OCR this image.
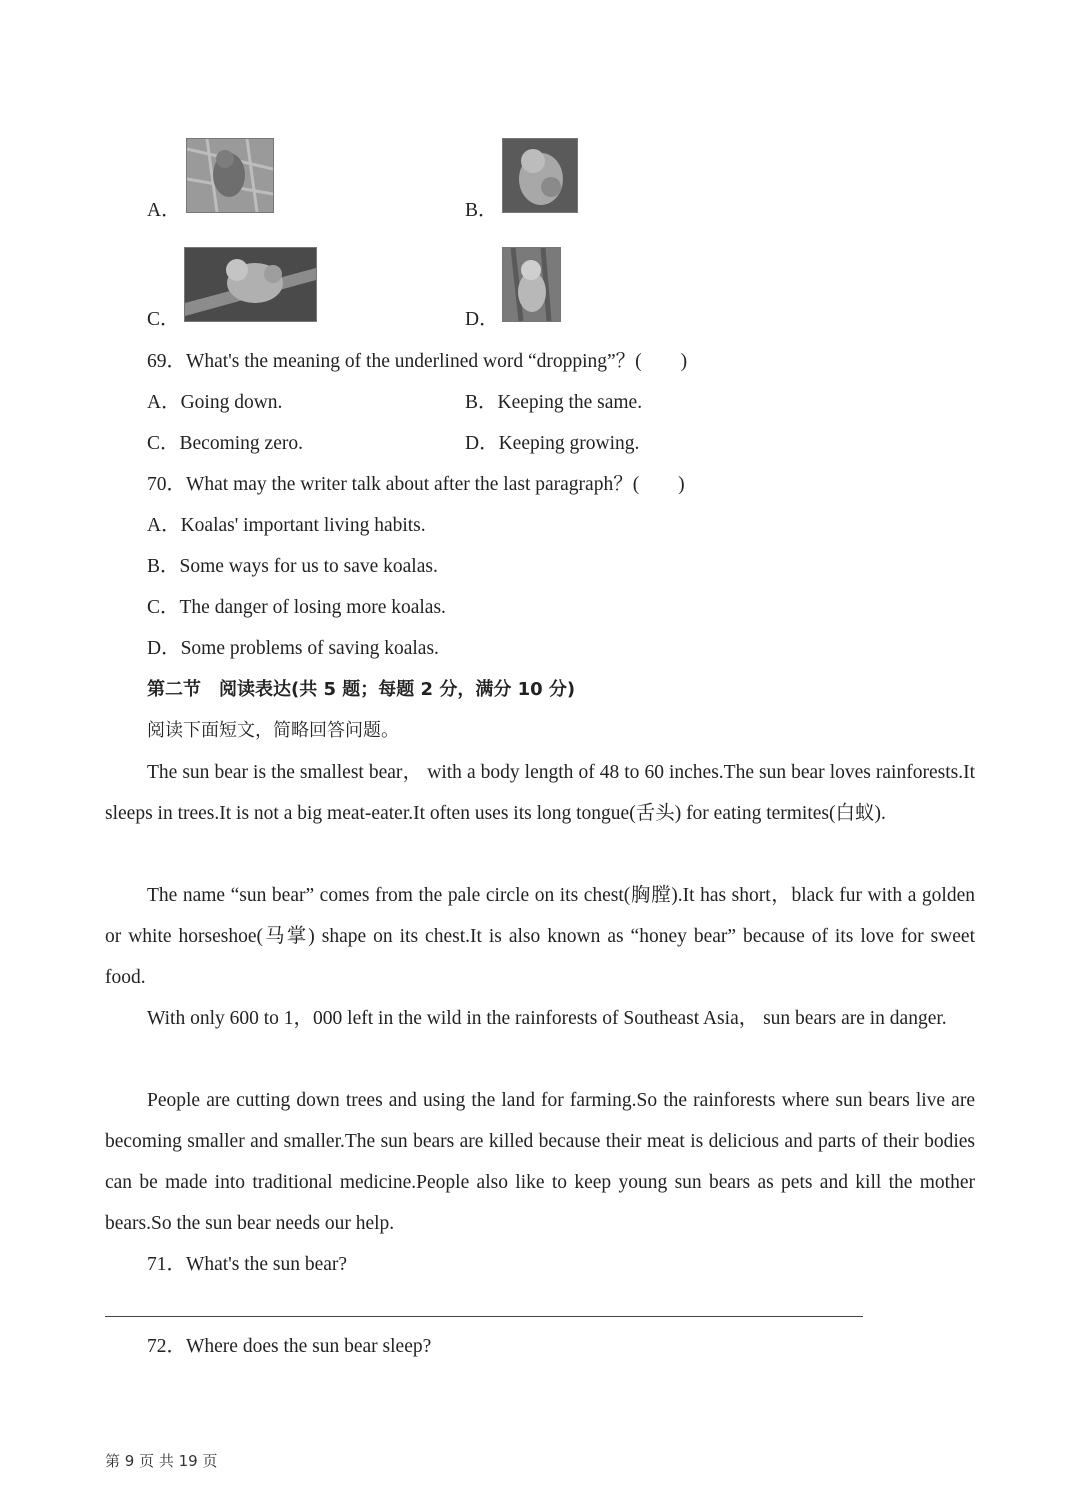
A．	B．
C．	D．
69．What's the meaning of the underlined word “dropping”？(　　)
A．Going down.	B．Keeping the same.
C．Becoming zero.	D．Keeping growing.
70．What may the writer talk about after the last paragraph？(　　)
A．Koalas' important living habits.
B．Some ways for us to save koalas.
C．The danger of losing more koalas.
D．Some problems of saving koalas.
第二节　阅读表达(共 5 题；每题 2 分，满分 10 分)
阅读下面短文，简略回答问题。
The sun bear is the smallest bear， with a body length of 48 to 60 inches.The sun bear loves rainforests.It sleeps in trees.It is not a big meat-eater.It often uses its long tongue(舌头) for eating termites(白蚁).
The name “sun bear” comes from the pale circle on its chest(胸膛).It has short，black fur with a golden or white horseshoe(马掌) shape on its chest.It is also known as “honey bear” because of its love for sweet food.
With only 600 to 1，000 left in the wild in the rainforests of Southeast Asia， sun bears are in danger.
People are cutting down trees and using the land for farming.So the rainforests where sun bears live are becoming smaller and smaller.The sun bears are killed because their meat is delicious and parts of their bodies can be made into traditional medicine.People also like to keep young sun bears as pets and kill the mother bears.So the sun bear needs our help.
71．What's the sun bear?
72．Where does the sun bear sleep?
第 9 页 共 19 页
